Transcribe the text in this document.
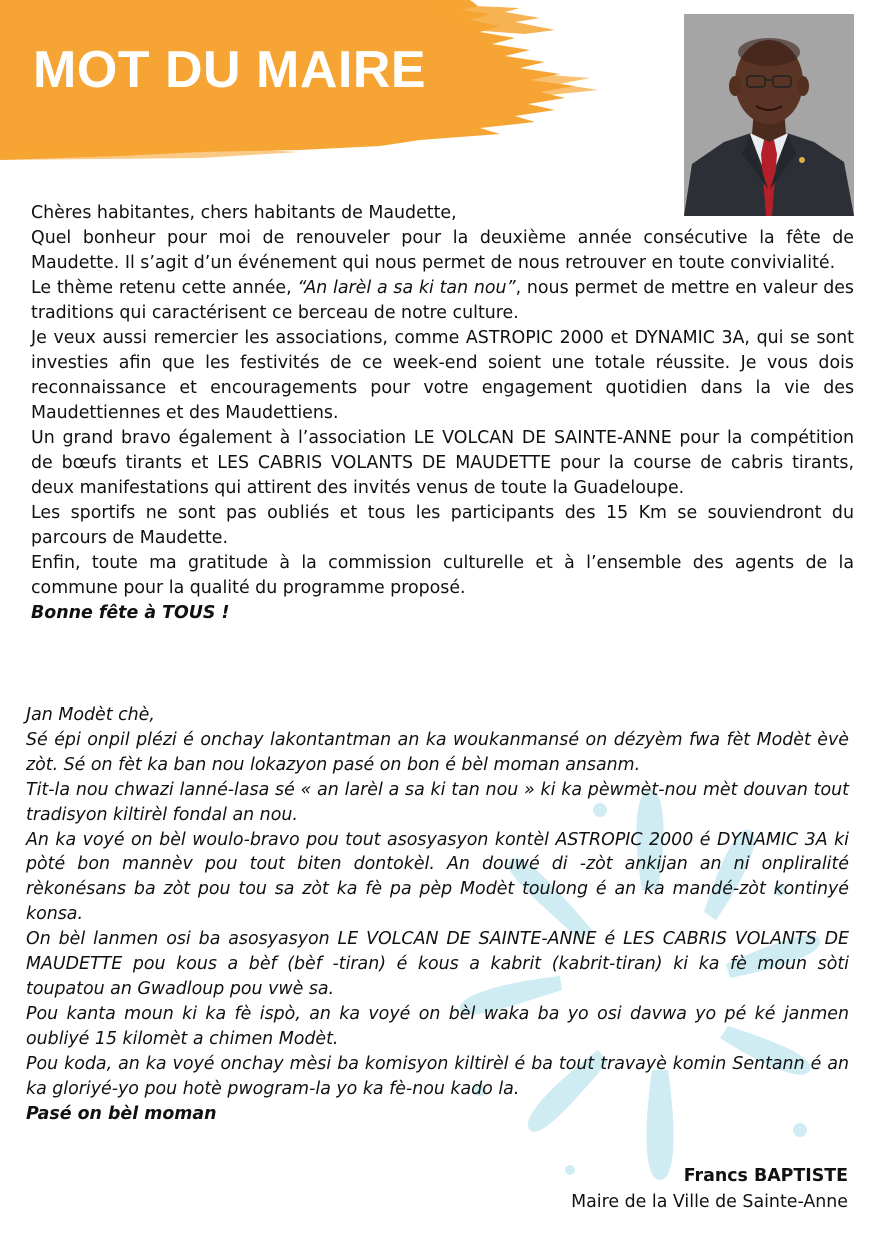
MOT DU MAIRE

Chères habitantes, chers habitants de Maudette,

Quel bonheur pour moi de renouveler pour la deuxième année consécutive la fête de Maudette. Il s’agit d’un événement qui nous permet de nous retrouver en toute convivialité.

Le thème retenu cette année, “An larèl a sa ki tan nou”, nous permet de mettre en valeur des traditions qui caractérisent ce berceau de notre culture.

Je veux aussi remercier les associations, comme ASTROPIC 2000 et DYNAMIC 3A, qui se sont investies afin que les festivités de ce week-end soient une totale réussite. Je vous dois reconnaissance et encouragements pour votre engagement quotidien dans la vie des Maudettiennes et des Maudettiens.

Un grand bravo également à l’association LE VOLCAN DE SAINTE-ANNE pour la compétition de bœufs tirants et LES CABRIS VOLANTS DE MAUDETTE pour la course de cabris tirants, deux manifestations qui attirent des invités venus de toute la Guadeloupe.

Les sportifs ne sont pas oubliés et tous les participants des 15 Km se souviendront du parcours de Maudette.

Enfin, toute ma gratitude à la commission culturelle et à l’ensemble des agents de la commune pour la qualité du programme proposé.

Bonne fête à TOUS !

Jan Modèt chè,

Sé épi onpil plézi é onchay lakontantman an ka woukanmansé on dézyèm fwa fèt Modèt èvè zòt. Sé on fèt ka ban nou lokazyon pasé on bon é bèl moman ansanm.

Tit-la nou chwazi lanné-lasa sé « an larèl a sa ki tan nou » ki ka pèwmèt-nou mèt douvan tout tradisyon kiltirèl fondal an nou.

An ka voyé on bèl woulo-bravo pou tout asosyasyon kontèl ASTROPIC 2000 é DYNAMIC 3A ki pòté bon mannèv pou tout biten dontokèl. An douwé di -zòt ankijan an ni onpliralité rèkonésans ba zòt pou tou sa zòt ka fè pa pèp Modèt toulong é an ka mandé-zòt kontinyé konsa.

On bèl lanmen osi ba asosyasyon LE VOLCAN DE SAINTE-ANNE é LES CABRIS VOLANTS DE MAUDETTE pou kous a bèf (bèf -tiran) é kous a kabrit (kabrit-tiran) ki ka fè moun sòti toupatou an Gwadloup pou vwè sa.

Pou kanta moun ki ka fè ispò, an ka voyé on bèl waka ba yo osi davwa yo pé ké janmen oubliyé 15 kilomèt a chimen Modèt.

Pou koda, an ka voyé onchay mèsi ba komisyon kiltirèl é ba tout travayè komin Sentann é an ka gloriyé-yo pou hotè pwogram-la yo ka fè-nou kado la.

Pasé on bèl moman

Francs BAPTISTE
Maire de la Ville de Sainte-Anne
